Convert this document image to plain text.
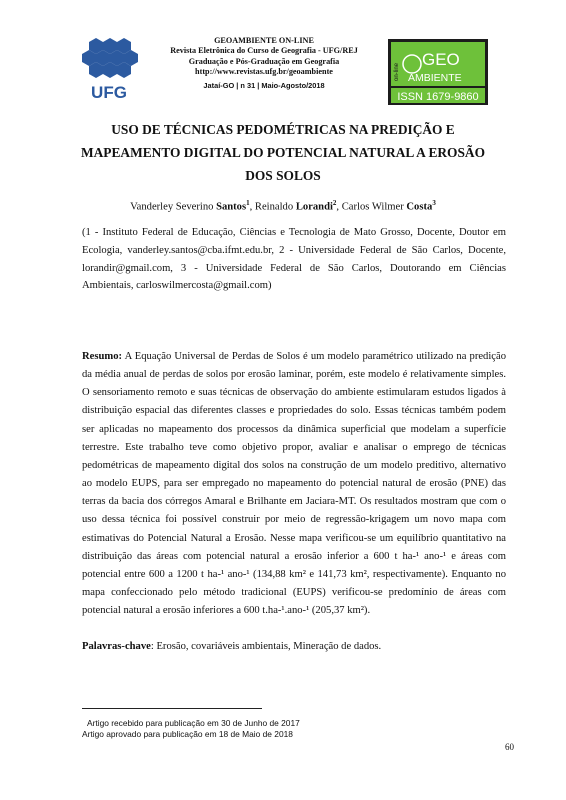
UFG
GEOAMBIENTE ON-LINE
Revista Eletrônica do Curso de Geografia - UFG/REJ
Graduação e Pós-Graduação em Geografia
http://www.revistas.ufg.br/geoambiente
Jataí-GO | n 31 | Maio-Agosto/2018
on-line
GEO
AMBIENTE
ISSN 1679-9860
USO DE TÉCNICAS PEDOMÉTRICAS NA PREDIÇÃO E
MAPEAMENTO DIGITAL DO POTENCIAL NATURAL A EROSÃO
DOS SOLOS
Vanderley Severino Santos$^1$, Reinaldo Lorandi$^2$, Carlos Wilmer Costa$^3$
(1 - Instituto Federal de Educação, Ciências e Tecnologia de Mato Grosso, Docente, Doutor em Ecologia, vanderley.santos@cba.ifmt.edu.br, 2 - Universidade Federal de São Carlos, Docente, lorandir@gmail.com, 3 - Universidade Federal de São Carlos, Doutorando em Ciências Ambientais, carloswilmercosta@gmail.com)
Resumo: A Equação Universal de Perdas de Solos é um modelo paramétrico utilizado na predição da média anual de perdas de solos por erosão laminar, porém, este modelo é relativamente simples. O sensoriamento remoto e suas técnicas de observação do ambiente estimularam estudos ligados à distribuição espacial das diferentes classes e propriedades do solo. Essas técnicas também podem ser aplicadas no mapeamento dos processos da dinâmica superficial que modelam a superfície terrestre. Este trabalho teve como objetivo propor, avaliar e analisar o emprego de técnicas pedométricas de mapeamento digital dos solos na construção de um modelo preditivo, alternativo ao modelo EUPS, para ser empregado no mapeamento do potencial natural de erosão (PNE) das terras da bacia dos córregos Amaral e Brilhante em Jaciara-MT. Os resultados mostram que com o uso dessa técnica foi possível construir por meio de regressão-krigagem um novo mapa com estimativas do Potencial Natural a Erosão. Nesse mapa verificou-se um equilíbrio quantitativo na distribuição das áreas com potencial natural a erosão inferior a 600 t ha-¹ ano-¹ e áreas com potencial entre 600 a 1200 t ha-¹ ano-¹ (134,88 km² e 141,73 km², respectivamente). Enquanto no mapa confeccionado pelo método tradicional (EUPS) verificou-se predomínio de áreas com potencial natural a erosão inferiores a 600 t.ha-¹.ano-¹ (205,37 km²).
Palavras-chave: Erosão, covariáveis ambientais, Mineração de dados.
Artigo recebido para publicação em 30 de Junho de 2017
Artigo aprovado para publicação em 18 de Maio de 2018
60
